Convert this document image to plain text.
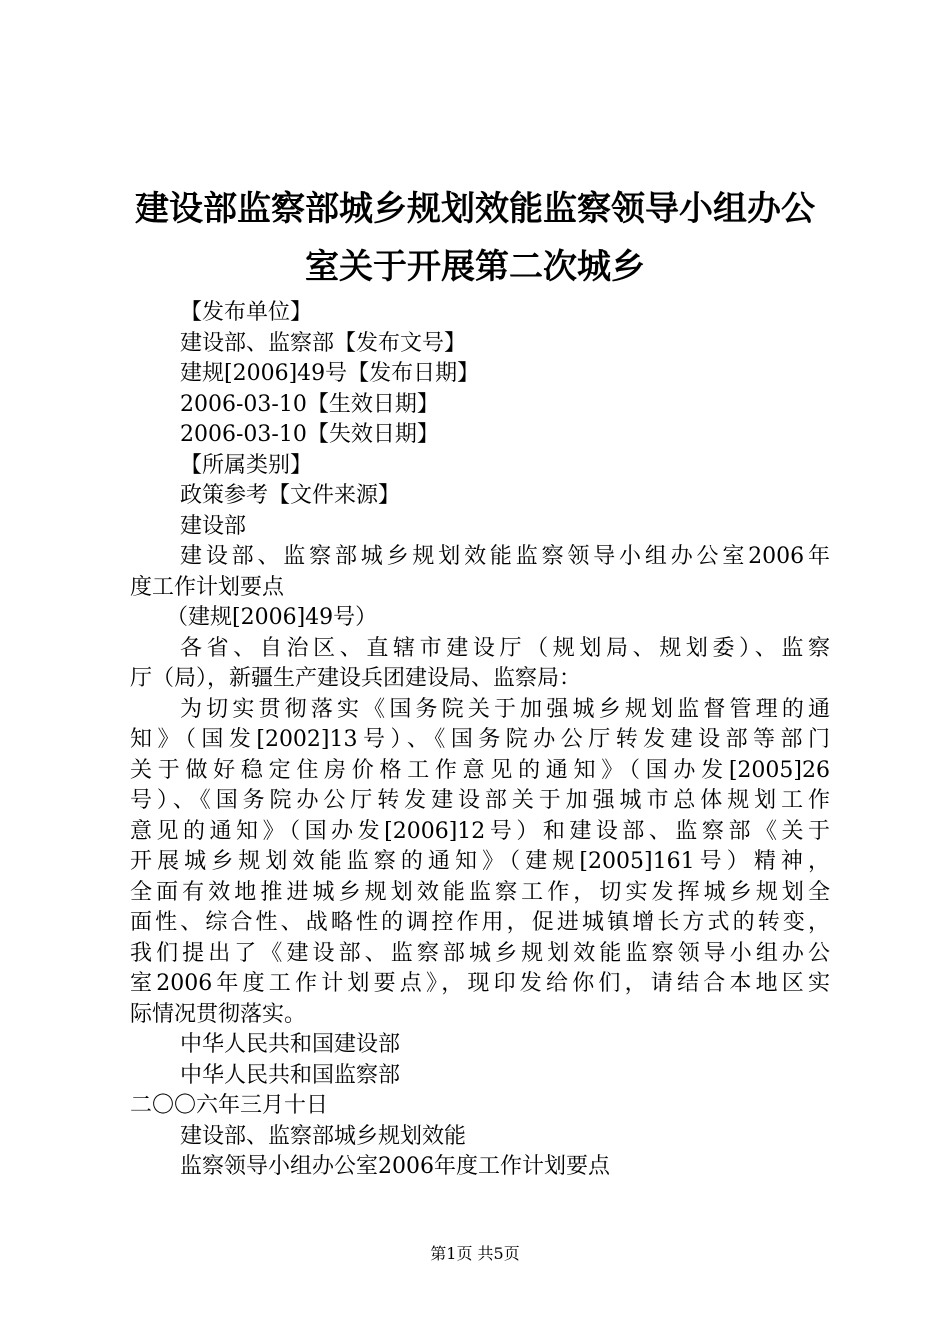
建设部监察部城乡规划效能监察领导小组办公
室关于开展第二次城乡
【发布单位】
建设部、监察部【发布文号】
建规[2006]49号【发布日期】
2006-03-10【生效日期】
2006-03-10【失效日期】
【所属类别】
政策参考【文件来源】
建设部
建设部、监察部城乡规划效能监察领导小组办公室2006年
度工作计划要点
（建规[2006]49号）
各省、自治区、直辖市建设厅（规划局、规划委）、监察
厅（局），新疆生产建设兵团建设局、监察局：
为切实贯彻落实《国务院关于加强城乡规划监督管理的通
知》（国发[2002]13号）、《国务院办公厅转发建设部等部门
关于做好稳定住房价格工作意见的通知》（国办发[2005]26
号）、《国务院办公厅转发建设部关于加强城市总体规划工作
意见的通知》（国办发[2006]12号）和建设部、监察部《关于
开展城乡规划效能监察的通知》（建规[2005]161号）精神，
全面有效地推进城乡规划效能监察工作，切实发挥城乡规划全
面性、综合性、战略性的调控作用，促进城镇增长方式的转变，
我们提出了《建设部、监察部城乡规划效能监察领导小组办公
室2006年度工作计划要点》，现印发给你们，请结合本地区实
际情况贯彻落实。
中华人民共和国建设部
中华人民共和国监察部
二〇〇六年三月十日
建设部、监察部城乡规划效能
监察领导小组办公室2006年度工作计划要点
第1页 共5页
